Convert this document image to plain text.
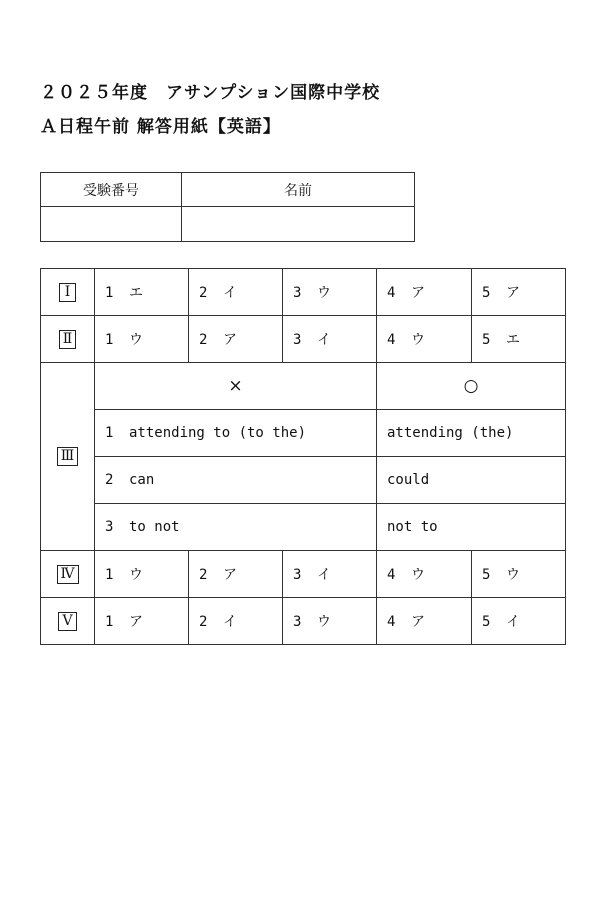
２０２５年度　アサンプション国際中学校
Ａ日程午前 解答用紙【英語】
受験番号	名前

Ⅰ	1 エ	2 イ	3 ウ	4 ア	5 ア
Ⅱ	1 ウ	2 ア	3 イ	4 ウ	5 エ
Ⅲ	×			○	
	1 attending to (to the)			attending (the)	
	2 can			could	
	3 to not			not to	
Ⅳ	1 ウ	2 ア	3 イ	4 ウ	5 ウ
Ⅴ	1 ア	2 イ	3 ウ	4 ア	5 イ
